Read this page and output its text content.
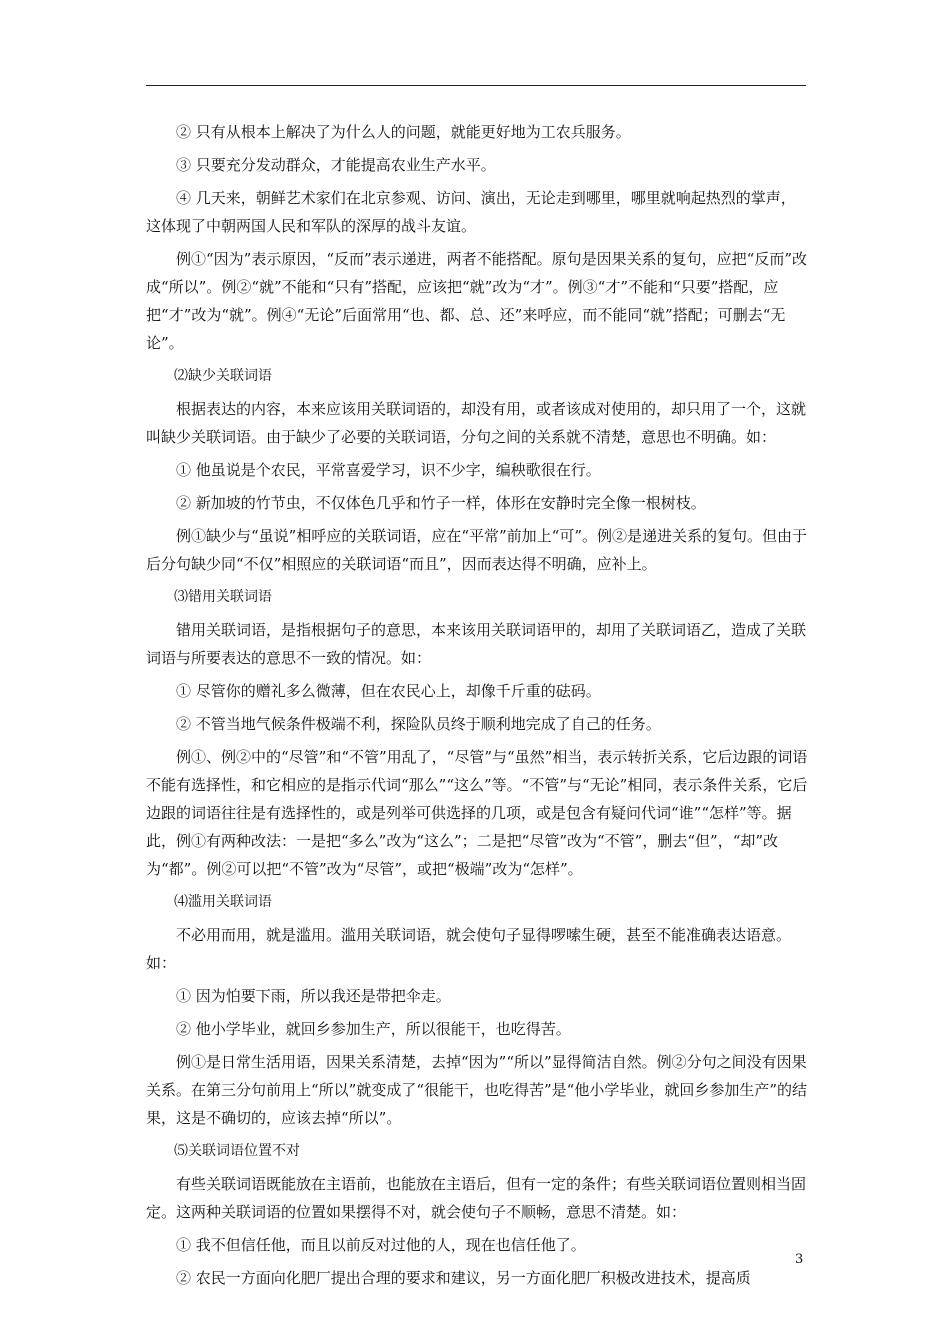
② 只有从根本上解决了为什么人的问题，就能更好地为工农兵服务。

③ 只要充分发动群众，才能提高农业生产水平。

④ 几天来，朝鲜艺术家们在北京参观、访问、演出，无论走到哪里，哪里就响起热烈的掌声，这体现了中朝两国人民和军队的深厚的战斗友谊。

例①“因为”表示原因，“反而”表示递进，两者不能搭配。原句是因果关系的复句，应把“反而”改成“所以”。例②“就”不能和“只有”搭配，应该把“就”改为“才”。例③“才”不能和“只要”搭配，应把“才”改为“就”。例④“无论”后面常用“也、都、总、还”来呼应，而不能同“就”搭配；可删去“无论”。

⑵缺少关联词语

根据表达的内容，本来应该用关联词语的，却没有用，或者该成对使用的，却只用了一个，这就叫缺少关联词语。由于缺少了必要的关联词语，分句之间的关系就不清楚，意思也不明确。如：

① 他虽说是个农民，平常喜爱学习，识不少字，编秧歌很在行。

② 新加坡的竹节虫，不仅体色几乎和竹子一样，体形在安静时完全像一根树枝。

例①缺少与“虽说”相呼应的关联词语，应在“平常”前加上“可”。例②是递进关系的复句。但由于后分句缺少同“不仅”相照应的关联词语“而且”，因而表达得不明确，应补上。

⑶错用关联词语

错用关联词语，是指根据句子的意思，本来该用关联词语甲的，却用了关联词语乙，造成了关联词语与所要表达的意思不一致的情况。如：

① 尽管你的赠礼多么微薄，但在农民心上，却像千斤重的砝码。

② 不管当地气候条件极端不利，探险队员终于顺利地完成了自己的任务。

例①、例②中的“尽管”和“不管”用乱了，“尽管”与“虽然”相当，表示转折关系，它后边跟的词语不能有选择性，和它相应的是指示代词“那么”“这么”等。“不管”与“无论”相同，表示条件关系，它后边跟的词语往往是有选择性的，或是列举可供选择的几项，或是包含有疑问代词“谁”“怎样”等。据此，例①有两种改法：一是把“多么”改为“这么”；二是把“尽管”改为“不管”，删去“但”，“却”改为“都”。例②可以把“不管”改为“尽管”，或把“极端”改为“怎样”。

⑷滥用关联词语

不必用而用，就是滥用。滥用关联词语，就会使句子显得啰嗦生硬，甚至不能准确表达语意。如：

① 因为怕要下雨，所以我还是带把伞走。

② 他小学毕业，就回乡参加生产，所以很能干，也吃得苦。

例①是日常生活用语，因果关系清楚，去掉“因为”“所以”显得简洁自然。例②分句之间没有因果关系。在第三分句前用上“所以”就变成了“很能干，也吃得苦”是“他小学毕业，就回乡参加生产”的结果，这是不确切的，应该去掉“所以”。

⑸关联词语位置不对

有些关联词语既能放在主语前，也能放在主语后，但有一定的条件；有些关联词语位置则相当固定。这两种关联词语的位置如果摆得不对，就会使句子不顺畅，意思不清楚。如：

① 我不但信任他，而且以前反对过他的人，现在也信任他了。

② 农民一方面向化肥厂提出合理的要求和建议，另一方面化肥厂积极改进技术，提高质

3
